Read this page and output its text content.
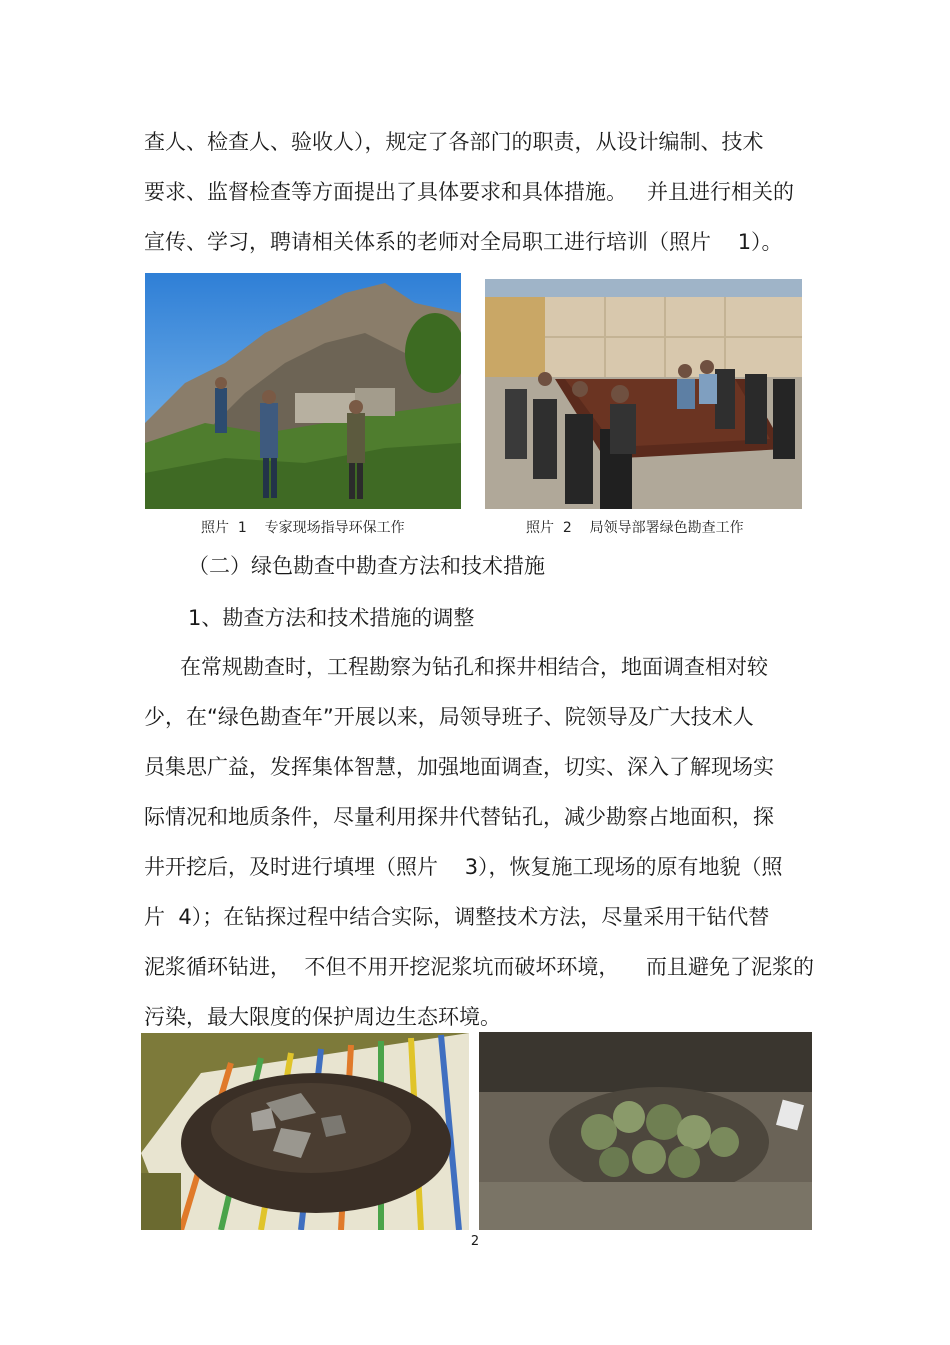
查人、检查人、验收人），规定了各部门的职责，从设计编制、技术
要求、监督检查等方面提出了具体要求和具体措施。   并且进行相关的
宣传、学习，聘请相关体系的老师对全局职工进行培训（照片    1）。
照片  1    专家现场指导环保工作	照片  2    局领导部署绿色勘查工作
（二）绿色勘查中勘查方法和技术措施
1、勘查方法和技术措施的调整
在常规勘查时，工程勘察为钻孔和探井相结合，地面调查相对较
少，在“绿色勘查年”开展以来，局领导班子、院领导及广大技术人
员集思广益，发挥集体智慧，加强地面调查，切实、深入了解现场实
际情况和地质条件，尽量利用探井代替钻孔，减少勘察占地面积，探
井开挖后，及时进行填埋（照片    3），恢复施工现场的原有地貌（照
片  4）；在钻探过程中结合实际，调整技术方法，尽量采用干钻代替
泥浆循环钻进，  不但不用开挖泥浆坑而破坏环境，    而且避免了泥浆的
污染，最大限度的保护周边生态环境。
2
